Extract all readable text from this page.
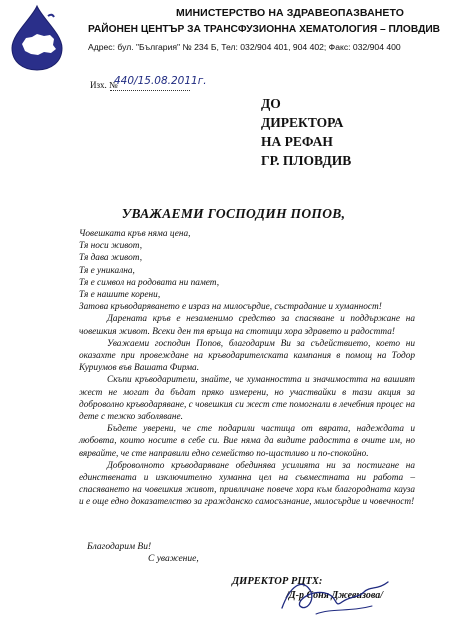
МИНИСТЕРСТВО НА ЗДРАВЕОПАЗВАНЕТО
РАЙОНЕН ЦЕНТЪР ЗА ТРАНСФУЗИОННА ХЕМАТОЛОГИЯ – ПЛОВДИВ
Адрес: бул. "България" № 234 Б, Тел: 032/904 401, 904 402; Факс: 032/904 400
Изх. №
440/15.08.2011г.
ДО
ДИРЕКТОРА
НА РЕФАН
ГР. ПЛОВДИВ
УВАЖАЕМИ ГОСПОДИН ПОПОВ,

Човешката кръв няма цена,

Тя носи живот,

Тя дава живот,

Тя е уникална,

Тя е символ на родовата ни памет,

Тя е нашите корени,

Затова кръводаряването е израз на милосърдие, състрадание и хуманност!

Дарената кръв е незаменимо средство за спасяване и поддържане на човешкия живот. Всеки ден тя връща на стотици хора здравето и радостта!

Уважаеми господин Попов, благодарим Ви за съдействието, което ни оказахте при провеждане на кръводарителската кампания в помощ на Тодор Куриумов във Вашата Фирма.

Скъпи кръводарители, знайте, че хуманността и значимостта на вашият жест не могат да бъдат пряко измерени, но участвайки в тази акция за доброволно кръводаряване, с човешкия си жест сте помогнали в лечебния процес на дете с тежко заболяване.

Бъдете уверени, че сте подарили частица от вярата, надеждата и любовта, които носите в себе си. Вие няма да видите радостта в очите им, но вярвайте, че сте направили едно семейство по-щастливо и по-спокойно.

Доброволното кръводаряване обединява усилията ни за постигане на единствената и изключително хуманна цел на съвместната ни работа – спасяването на човешкия живот, привличане повече хора към благородната кауза и е още едно доказателство за гражданско самосъзнание, милосърдие и човечност!

Благодарим Ви!
С уважение,
ДИРЕКТОР РЦТХ:
/Д-р Соня Джевизова/
